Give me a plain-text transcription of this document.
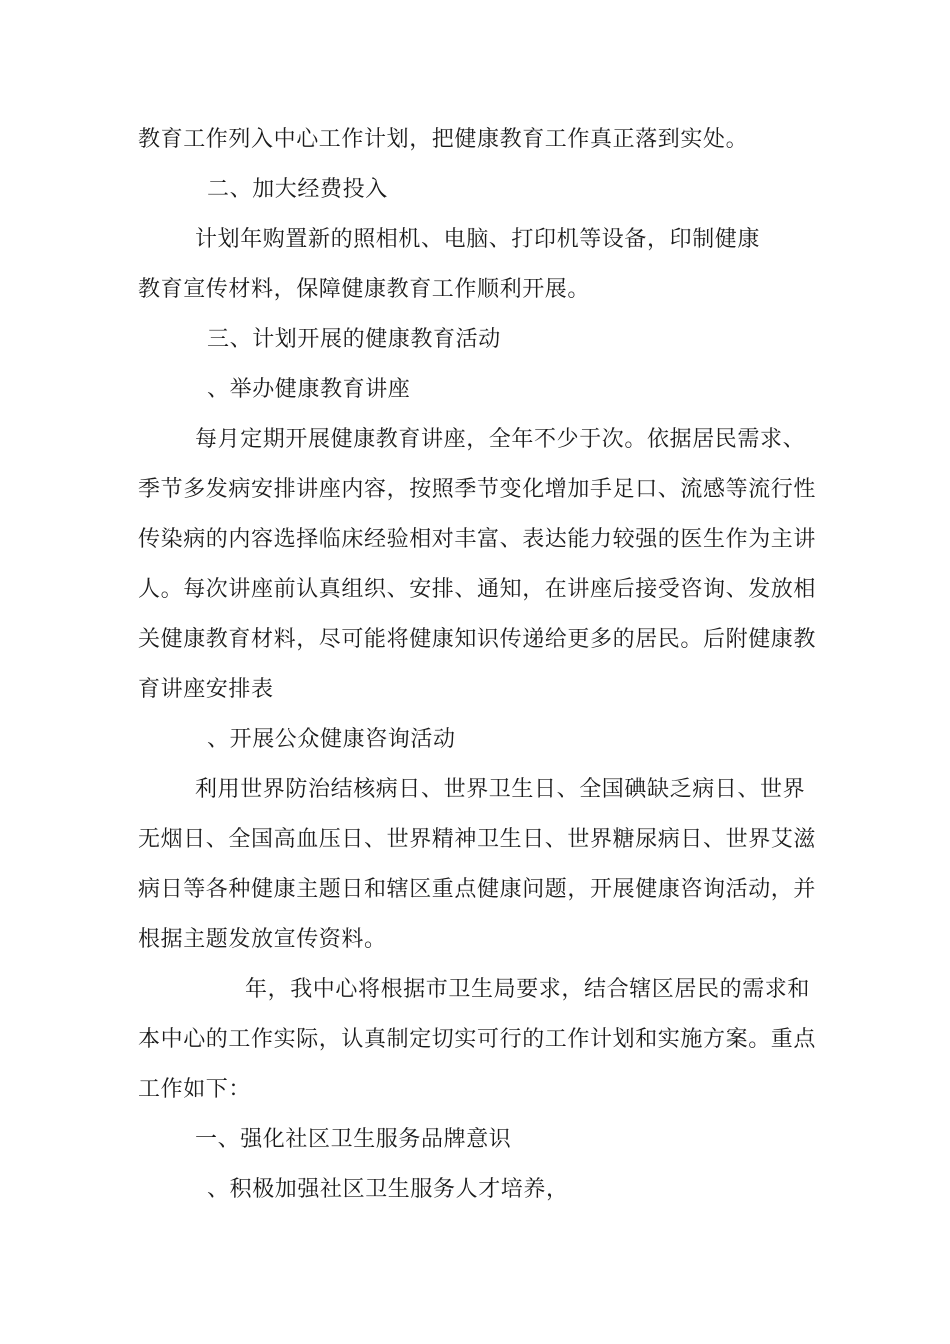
教育工作列入中心工作计划，把健康教育工作真正落到实处。
二、加大经费投入
计划年购置新的照相机、电脑、打印机等设备，印制健康
教育宣传材料，保障健康教育工作顺利开展。
三、计划开展的健康教育活动
、举办健康教育讲座
每月定期开展健康教育讲座，全年不少于次。依据居民需求、
季节多发病安排讲座内容，按照季节变化增加手足口、流感等流行性
传染病的内容选择临床经验相对丰富、表达能力较强的医生作为主讲
人。每次讲座前认真组织、安排、通知，在讲座后接受咨询、发放相
关健康教育材料，尽可能将健康知识传递给更多的居民。后附健康教
育讲座安排表
、开展公众健康咨询活动
利用世界防治结核病日、世界卫生日、全国碘缺乏病日、世界
无烟日、全国高血压日、世界精神卫生日、世界糖尿病日、世界艾滋
病日等各种健康主题日和辖区重点健康问题，开展健康咨询活动，并
根据主题发放宣传资料。
年，我中心将根据市卫生局要求，结合辖区居民的需求和
本中心的工作实际，认真制定切实可行的工作计划和实施方案。重点
工作如下：
一、强化社区卫生服务品牌意识
、积极加强社区卫生服务人才培养，
